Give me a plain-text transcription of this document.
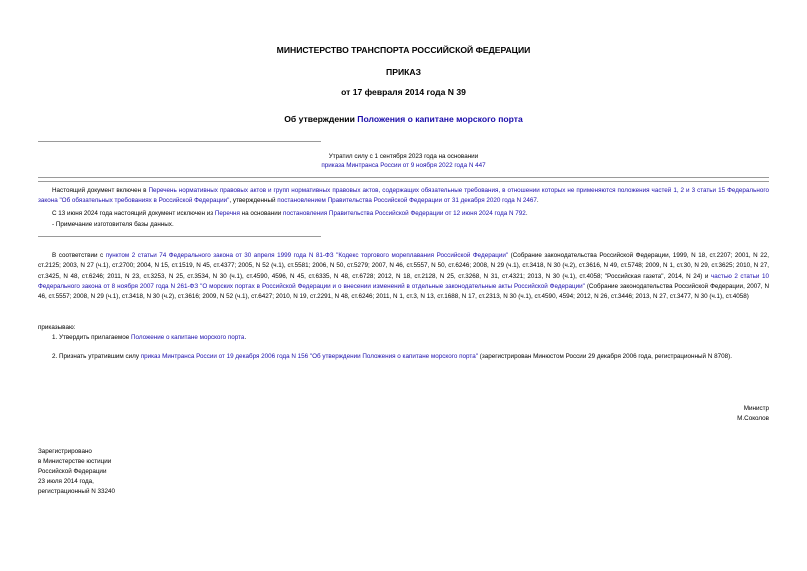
МИНИСТЕРСТВО ТРАНСПОРТА РОССИЙСКОЙ ФЕДЕРАЦИИ
ПРИКАЗ
от 17 февраля 2014 года N 39
Об утверждении Положения о капитане морского порта
Утратил силу с 1 сентября 2023 года на основании
приказа Минтранса России от 9 ноября 2022 года N 447
Настоящий документ включен в Перечень нормативных правовых актов и групп нормативных правовых актов, содержащих обязательные требования, в отношении которых не применяются положения частей 1, 2 и 3 статьи 15 Федерального закона "Об обязательных требованиях в Российской Федерации", утвержденный постановлением Правительства Российской Федерации от 31 декабря 2020 года N 2467.
С 13 июня 2024 года настоящий документ исключен из Перечня на основании постановления Правительства Российской Федерации от 12 июня 2024 года N 792.
- Примечание изготовителя базы данных.
В соответствии с пунктом 2 статьи 74 Федерального закона от 30 апреля 1999 года N 81-ФЗ "Кодекс торгового мореплавания Российской Федерации" (Собрание законодательства Российской Федерации, 1999, N 18, ст.2207; 2001, N 22, ст.2125; 2003, N 27 (ч.1), ст.2700; 2004, N 15, ст.1519, N 45, ст.4377; 2005, N 52 (ч.1), ст.5581; 2006, N 50, ст.5279; 2007, N 46, ст.5557, N 50, ст.6246; 2008, N 29 (ч.1), ст.3418, N 30 (ч.2), ст.3616, N 49, ст.5748; 2009, N 1, ст.30, N 29, ст.3625; 2010, N 27, ст.3425, N 48, ст.6246; 2011, N 23, ст.3253, N 25, ст.3534, N 30 (ч.1), ст.4590, 4596, N 45, ст.6335, N 48, ст.6728; 2012, N 18, ст.2128, N 25, ст.3268, N 31, ст.4321; 2013, N 30 (ч.1), ст.4058; "Российская газета", 2014, N 24) и частью 2 статьи 10 Федерального закона от 8 ноября 2007 года N 261-ФЗ "О морских портах в Российской Федерации и о внесении изменений в отдельные законодательные акты Российской Федерации" (Собрание законодательства Российской Федерации, 2007, N 46, ст.5557; 2008, N 29 (ч.1), ст.3418, N 30 (ч.2), ст.3616; 2009, N 52 (ч.1), ст.6427; 2010, N 19, ст.2291, N 48, ст.6246; 2011, N 1, ст.3, N 13, ст.1688, N 17, ст.2313, N 30 (ч.1), ст.4590, 4594; 2012, N 26, ст.3446; 2013, N 27, ст.3477, N 30 (ч.1), ст.4058)
приказываю:
1. Утвердить прилагаемое Положение о капитане морского порта.
2. Признать утратившим силу приказ Минтранса России от 19 декабря 2006 года N 156 "Об утверждении Положения о капитане морского порта" (зарегистрирован Минюстом России 29 декабря 2006 года, регистрационный N 8708).
Министр
М.Соколов
Зарегистрировано
в Министерстве юстиции
Российской Федерации
23 июля 2014 года,
регистрационный N 33240
